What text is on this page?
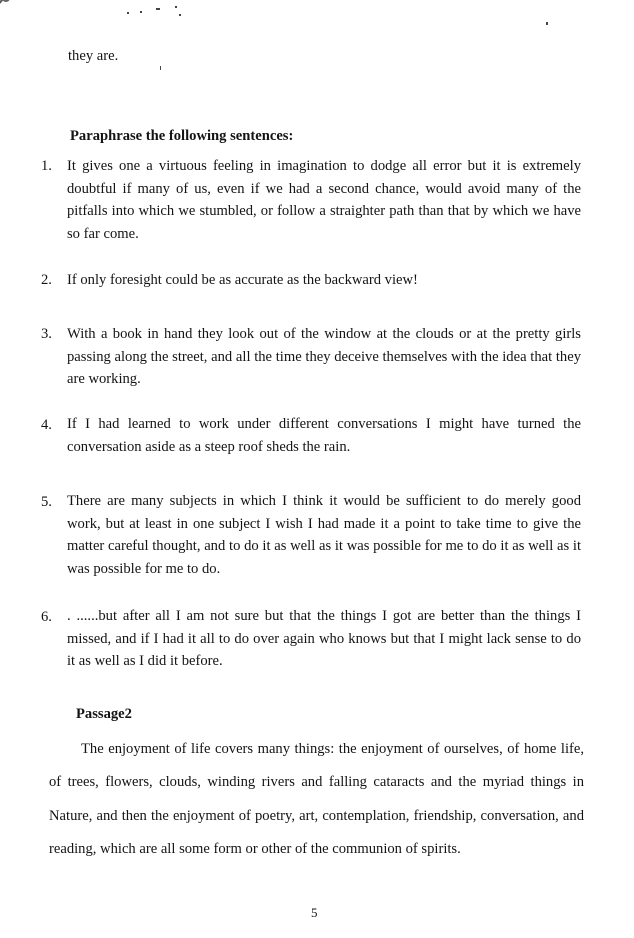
they are.
Paraphrase the following sentences:
1. It gives one a virtuous feeling in imagination to dodge all error but it is extremely doubtful if many of us, even if we had a second chance, would avoid many of the pitfalls into which we stumbled, or follow a straighter path than that by which we have so far come.
2. If only foresight could be as accurate as the backward view!
3. With a book in hand they look out of the window at the clouds or at the pretty girls passing along the street, and all the time they deceive themselves with the idea that they are working.
4. If I had learned to work under different conversations I might have turned the conversation aside as a steep roof sheds the rain.
5. There are many subjects in which I think it would be sufficient to do merely good work, but at least in one subject I wish I had made it a point to take time to give the matter careful thought, and to do it as well as it was possible for me to do it as well as it was possible for me to do.
6. . ......but after all I am not sure but that the things I got are better than the things I missed, and if I had it all to do over again who knows but that I might lack sense to do it as well as I did it before.
Passage2
The enjoyment of life covers many things: the enjoyment of ourselves, of home life, of trees, flowers, clouds, winding rivers and falling cataracts and the myriad things in Nature, and then the enjoyment of poetry, art, contemplation, friendship, conversation, and reading, which are all some form or other of the communion of spirits.
5
